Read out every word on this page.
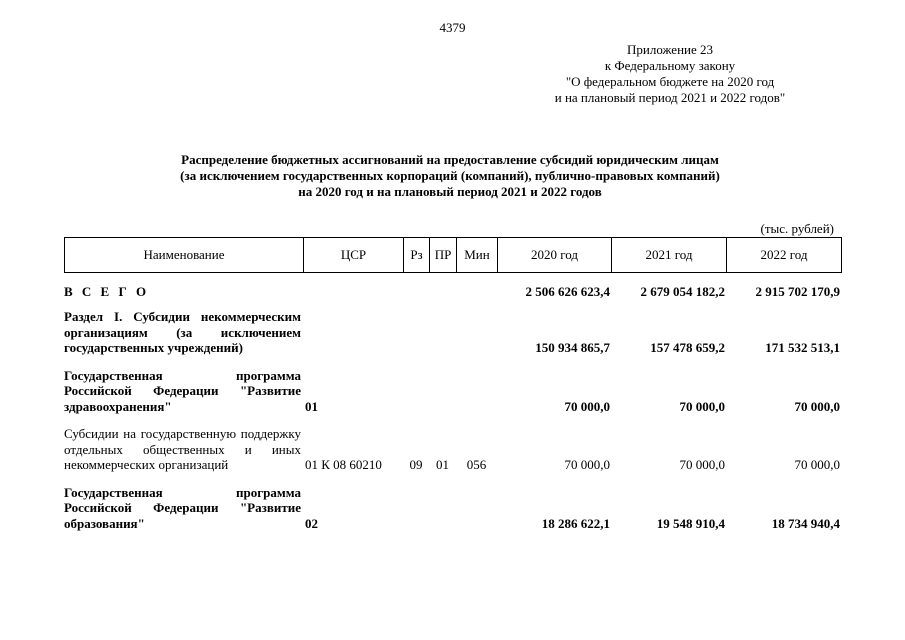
4379
Приложение 23
к Федеральному закону
"О федеральном бюджете на 2020 год
и на плановый период 2021 и 2022 годов"
Распределение бюджетных ассигнований на предоставление субсидий юридическим лицам
(за исключением государственных корпораций (компаний), публично-правовых компаний)
на 2020 год и на плановый период 2021 и 2022 годов
(тыс. рублей)
Наименование	ЦСР	Рз	ПР	Мин	2020 год	2021 год	2022 год
В С Е Г О					2 506 626 623,4	2 679 054 182,2	2 915 702 170,9

Раздел I. Субсидии некоммерческим организациям (за исключением государственных учреждений)					150 934 865,7	157 478 659,2	171 532 513,1

Государственная программа Российской Федерации "Развитие здравоохранения"	01				70 000,0	70 000,0	70 000,0

Субсидии на государственную поддержку отдельных общественных и иных некоммерческих организаций	01 К 08 60210	09	01	056	70 000,0	70 000,0	70 000,0

Государственная программа Российской Федерации "Развитие образования"	02				18 286 622,1	19 548 910,4	18 734 940,4
